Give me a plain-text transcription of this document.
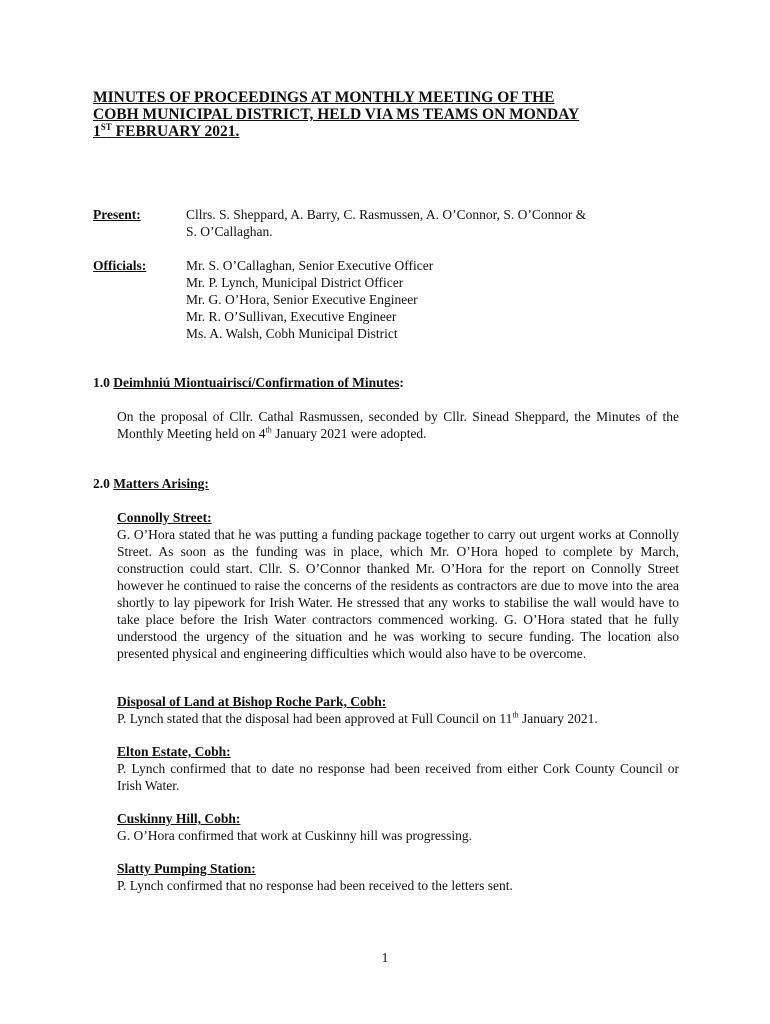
MINUTES OF PROCEEDINGS AT MONTHLY MEETING OF THE
COBH MUNICIPAL DISTRICT, HELD VIA MS TEAMS ON MONDAY
1ST FEBRUARY 2021.
Present:	Cllrs. S. Sheppard, A. Barry, C. Rasmussen, A. O’Connor, S. O’Connor &
S. O’Callaghan.
Officials:	Mr. S. O’Callaghan, Senior Executive Officer
Mr. P. Lynch, Municipal District Officer
Mr. G. O’Hora, Senior Executive Engineer
Mr. R. O’Sullivan, Executive Engineer
Ms. A. Walsh, Cobh Municipal District
1.0 Deimhniú Miontuairiscí/Confirmation of Minutes:
On the proposal of Cllr. Cathal Rasmussen, seconded by Cllr. Sinead Sheppard, the Minutes of the Monthly Meeting held on 4th January 2021 were adopted.
2.0 Matters Arising:
Connolly Street:
G. O’Hora stated that he was putting a funding package together to carry out urgent works at Connolly Street. As soon as the funding was in place, which Mr. O’Hora hoped to complete by March, construction could start. Cllr. S. O’Connor thanked Mr. O’Hora for the report on Connolly Street however he continued to raise the concerns of the residents as contractors are due to move into the area shortly to lay pipework for Irish Water. He stressed that any works to stabilise the wall would have to take place before the Irish Water contractors commenced working. G. O’Hora stated that he fully understood the urgency of the situation and he was working to secure funding. The location also presented physical and engineering difficulties which would also have to be overcome.
Disposal of Land at Bishop Roche Park, Cobh:
P. Lynch stated that the disposal had been approved at Full Council on 11th January 2021.
Elton Estate, Cobh:
P. Lynch confirmed that to date no response had been received from either Cork County Council or Irish Water.
Cuskinny Hill, Cobh:
G. O’Hora confirmed that work at Cuskinny hill was progressing.
Slatty Pumping Station:
P. Lynch confirmed that no response had been received to the letters sent.
1
